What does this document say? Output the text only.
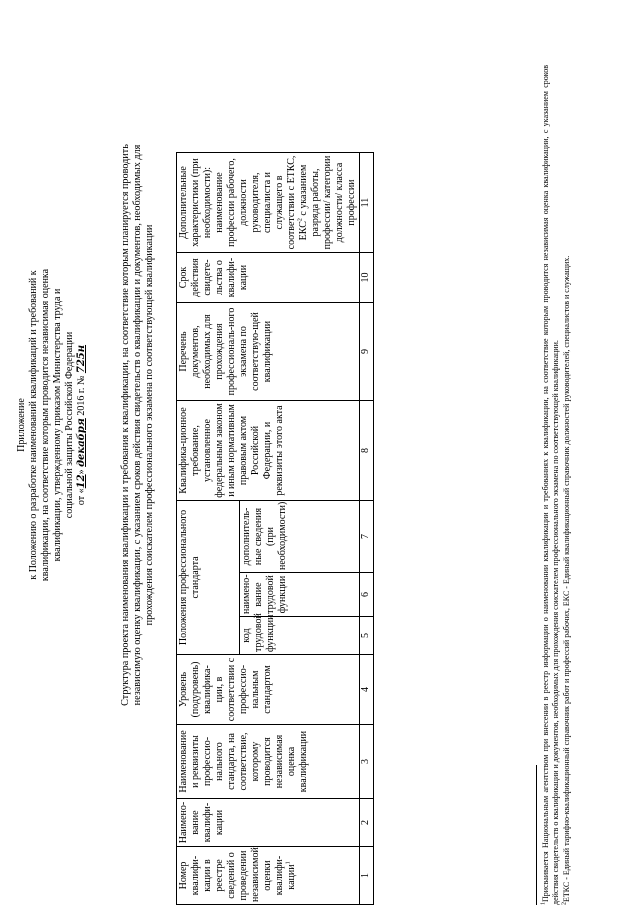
Приложение к Положению о разработке наименований квалификаций и требований к квалификации, на соответствие которым проводится независимая оценка квалификации, утвержденному приказом Министерства труда и социальной защиты Российской Федерации от «12» декабря 2016 г. № 725н	Структура проекта наименования квалификации и требования к квалификации, на соответствие которым планируется проводить независимую оценку квалификации, с указанием сроков действия свидетельств о квалификации и документов, необходимых для прохождения соискателем профессионального экзамена по соответствующей квалификации
Номер квалифи-кации в реестре сведений о проведении независимой оценки квалифи-кации$^1$	Наимено-вание квалифи-кации	Наименование и реквизиты профессио-нального стандарта, на соответствие, которому проводится независимая оценка квалификации	Уровень (подуровень) квалифика-ции, в соответствии с профессио-нальным стандартом	Положения профессионального стандарта			Квалифика-ционное требование, установленное федеральным законом и иным нормативным правовым актом Российской Федерации, и реквизиты этого акта	Перечень документов, необходимых для прохождения профессиональ-ного экзамена по соответствую-щей квалификации	Срок действия свидете-льства о квалифи-кации	Дополнительные характеристики (при необходимости): наименование профессии рабочего, должности руководителя, специалиста и служащего в соответствии с ЕТКС, ЕКС$^2$ с указанием разряда работы, профессии/ категории должности/ класса профессии
				код трудовой функции	наимено-вание трудовой функции	дополнитель-ные сведения (при необходимости)				
1	2	3	4	5	6	7	8	9	10	11

$^1$Присваивается Национальным агентством при внесении в реестр информации о наименовании квалификации и требованиях к квалификации, на соответствие которым проводится независимая оценка квалификации, с указанием сроков действия свидетельств о квалификации и документов, необходимых для прохождения соискателем профессионального экзамена по соответствующей квалификации. $^2$ЕТКС - Единый тарифно-квалификационный справочник работ и профессий рабочих, ЕКС - Единый квалификационный справочник должностей руководителей, специалистов и служащих.
